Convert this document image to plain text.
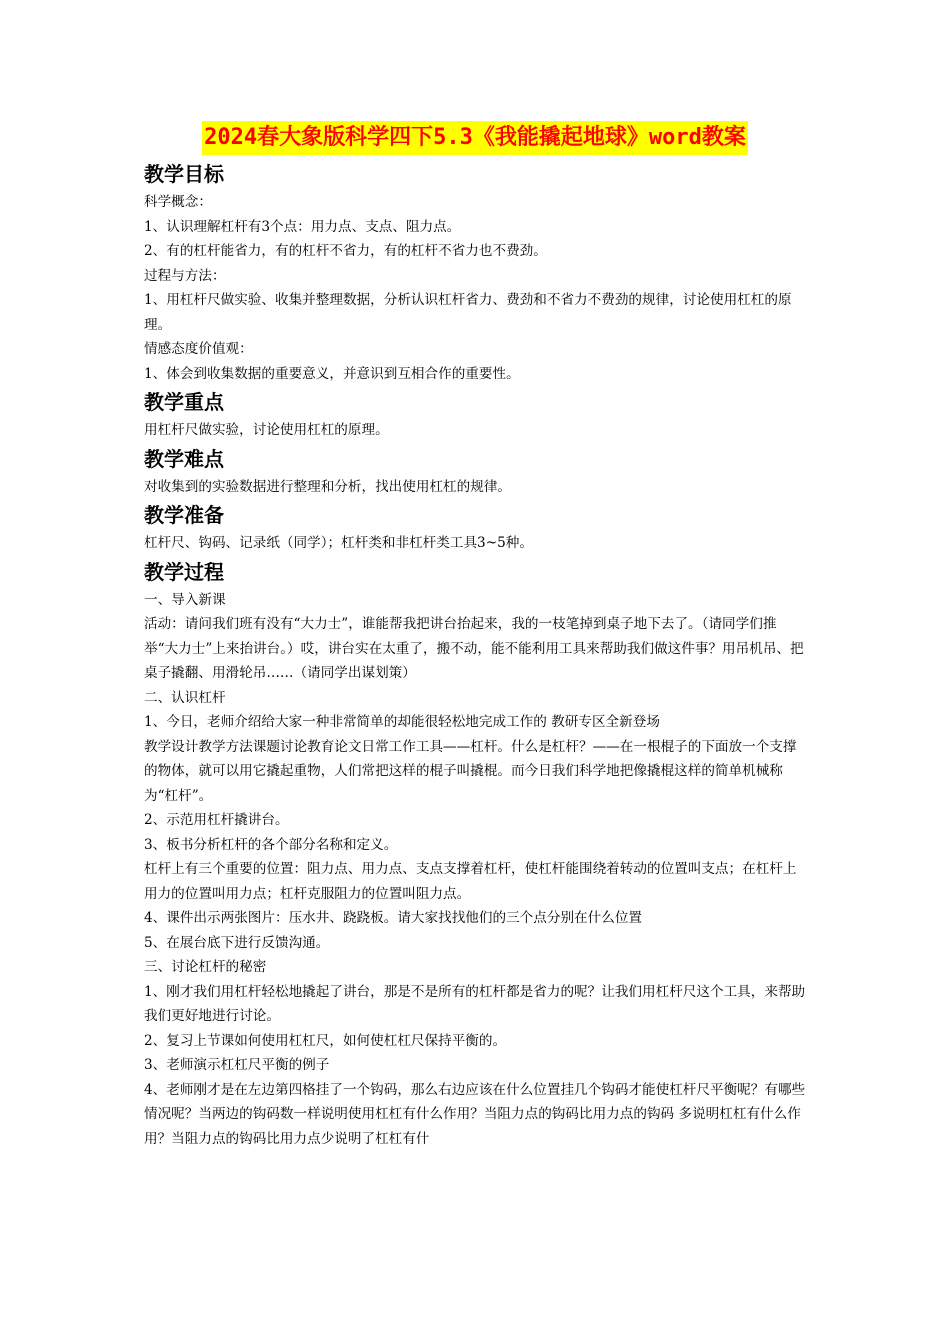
2024春大象版科学四下5.3《我能撬起地球》word教案
教学目标

科学概念：

1、认识理解杠杆有3个点：用力点、支点、阻力点。

2、有的杠杆能省力，有的杠杆不省力，有的杠杆不省力也不费劲。

过程与方法：

1、用杠杆尺做实验、收集并整理数据，分析认识杠杆省力、费劲和不省力不费劲的规律，讨论使用杠杠的原理。

情感态度价值观：

1、体会到收集数据的重要意义，并意识到互相合作的重要性。

教学重点

用杠杆尺做实验，讨论使用杠杠的原理。

教学难点

对收集到的实验数据进行整理和分析，找出使用杠杠的规律。

教学准备

杠杆尺、钩码、记录纸（同学）；杠杆类和非杠杆类工具3~5种。

教学过程

一、导入新课

活动：请问我们班有没有“大力士”，谁能帮我把讲台抬起来，我的一枝笔掉到桌子地下去了。（请同学们推举“大力士”上来抬讲台。）哎，讲台实在太重了，搬不动，能不能利用工具来帮助我们做这件事？用吊机吊、把桌子撬翻、用滑轮吊……（请同学出谋划策）

二、认识杠杆

1、今日，老师介绍给大家一种非常简单的却能很轻松地完成工作的 教研专区全新登场
教学设计教学方法课题讨论教育论文日常工作工具——杠杆。什么是杠杆？——在一根棍子的下面放一个支撑的物体，就可以用它撬起重物，人们常把这样的棍子叫撬棍。而今日我们科学地把像撬棍这样的简单机械称为“杠杆”。

2、示范用杠杆撬讲台。

3、板书分析杠杆的各个部分名称和定义。

杠杆上有三个重要的位置：阻力点、用力点、支点支撑着杠杆，使杠杆能围绕着转动的位置叫支点；在杠杆上用力的位置叫用力点；杠杆克服阻力的位置叫阻力点。

4、课件出示两张图片：压水井、跷跷板。请大家找找他们的三个点分别在什么位置

5、在展台底下进行反馈沟通。

三、讨论杠杆的秘密

1、刚才我们用杠杆轻松地撬起了讲台，那是不是所有的杠杆都是省力的呢？让我们用杠杆尺这个工具，来帮助我们更好地进行讨论。

2、复习上节课如何使用杠杠尺，如何使杠杠尺保持平衡的。

3、老师演示杠杠尺平衡的例子

4、老师刚才是在左边第四格挂了一个钩码，那么右边应该在什么位置挂几个钩码才能使杠杆尺平衡呢？有哪些情况呢？当两边的钩码数一样说明使用杠杠有什么作用？当阻力点的钩码比用力点的钩码 多说明杠杠有什么作用？当阻力点的钩码比用力点少说明了杠杠有什
